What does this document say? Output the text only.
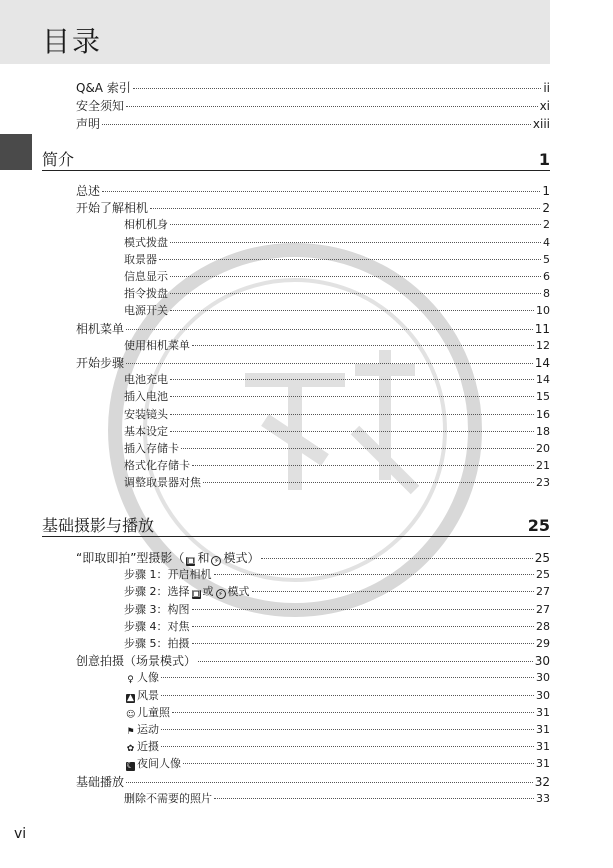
目录
Q&A 索引	ii
安全须知	xi
声明	xiii
简介	1
总述	1
开始了解相机	2
相机机身	2
模式拨盘	4
取景器	5
信息显示	6
指令拨盘	8
电源开关	10
相机菜单	11
使用相机菜单	12
开始步骤	14
电池充电	14
插入电池	15
安装镜头	16
基本设定	18
插入存储卡	20
格式化存储卡	21
调整取景器对焦	23
基础摄影与播放	25
“即取即拍”型摄影（ ▣ 和 ⚡ 模式）	25
步骤 1：开启相机	25
步骤 2：选择 ▣ 或 ⚡ 模式	27
步骤 3：构图	27
步骤 4：对焦	28
步骤 5：拍摄	29
创意拍摄（场景模式）	30
♀ 人像	30
▲ 风景	30
☺ 儿童照	31
⚑ 运动	31
✿ 近摄	31
☾ 夜间人像	31
基础播放	32
删除不需要的照片	33
vi
